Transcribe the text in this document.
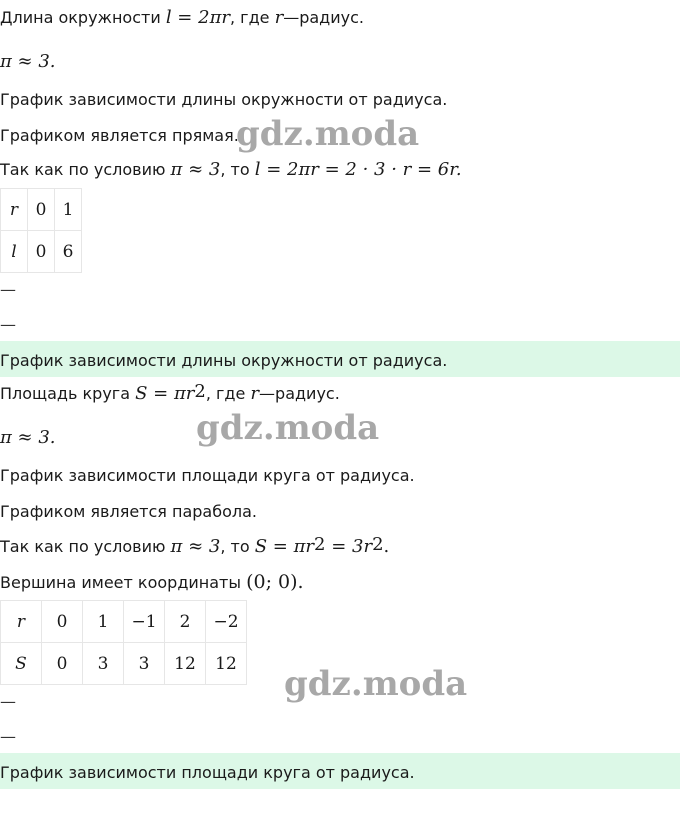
Длина окружности l = 2πr, где r—радиус.
π ≈ 3.
График зависимости длины окружности от радиуса.
Графиком является прямая.
Так как по условию π ≈ 3, то l = 2πr = 2 · 3 · r = 6r.
r	0	1
l	0	6
—
—
График зависимости длины окружности от радиуса.
Площадь круга $S = \pi r^2$, где r—радиус.
π ≈ 3.
График зависимости площади круга от радиуса.
Графиком является парабола.
Так как по условию π ≈ 3, то $S = \pi r^2 = 3r^2$.
Вершина имеет координаты (0; 0).
r	0	1	−1	2	−2
S	0	3	3	12	12
—
—
График зависимости площади круга от радиуса.
gdz.moda
gdz.moda
gdz.moda
